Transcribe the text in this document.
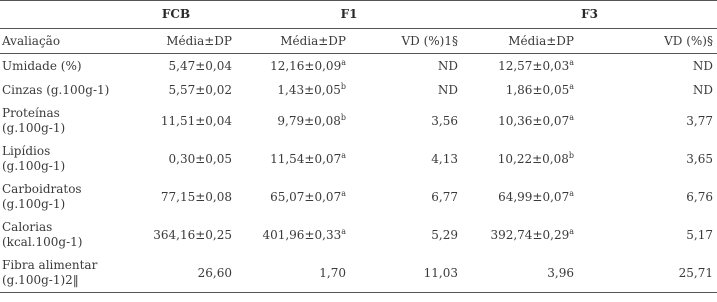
	FCB	F1		F3	
Avaliação	Média±DP	Média±DP	VD (%)1§	Média±DP	VD (%)§
Umidade (%)	5,47±0,04	12,16±0,09$^a$	ND	12,57±0,03$^a$	ND
Cinzas (g.100g-1)	5,57±0,02	1,43±0,05$^b$	ND	1,86±0,05$^a$	ND
Proteínas
(g.100g-1)	11,51±0,04	9,79±0,08$^b$	3,56	10,36±0,07$^a$	3,77
Lipídios
(g.100g-1)	0,30±0,05	11,54±0,07$^a$	4,13	10,22±0,08$^b$	3,65
Carboidratos
(g.100g-1)	77,15±0,08	65,07±0,07$^a$	6,77	64,99±0,07$^a$	6,76
Calorias
(kcal.100g-1)	364,16±0,25	401,96±0,33$^a$	5,29	392,74±0,29$^a$	5,17
Fibra alimentar
(g.100g-1)2‖	26,60	1,70	11,03	3,96	25,71
